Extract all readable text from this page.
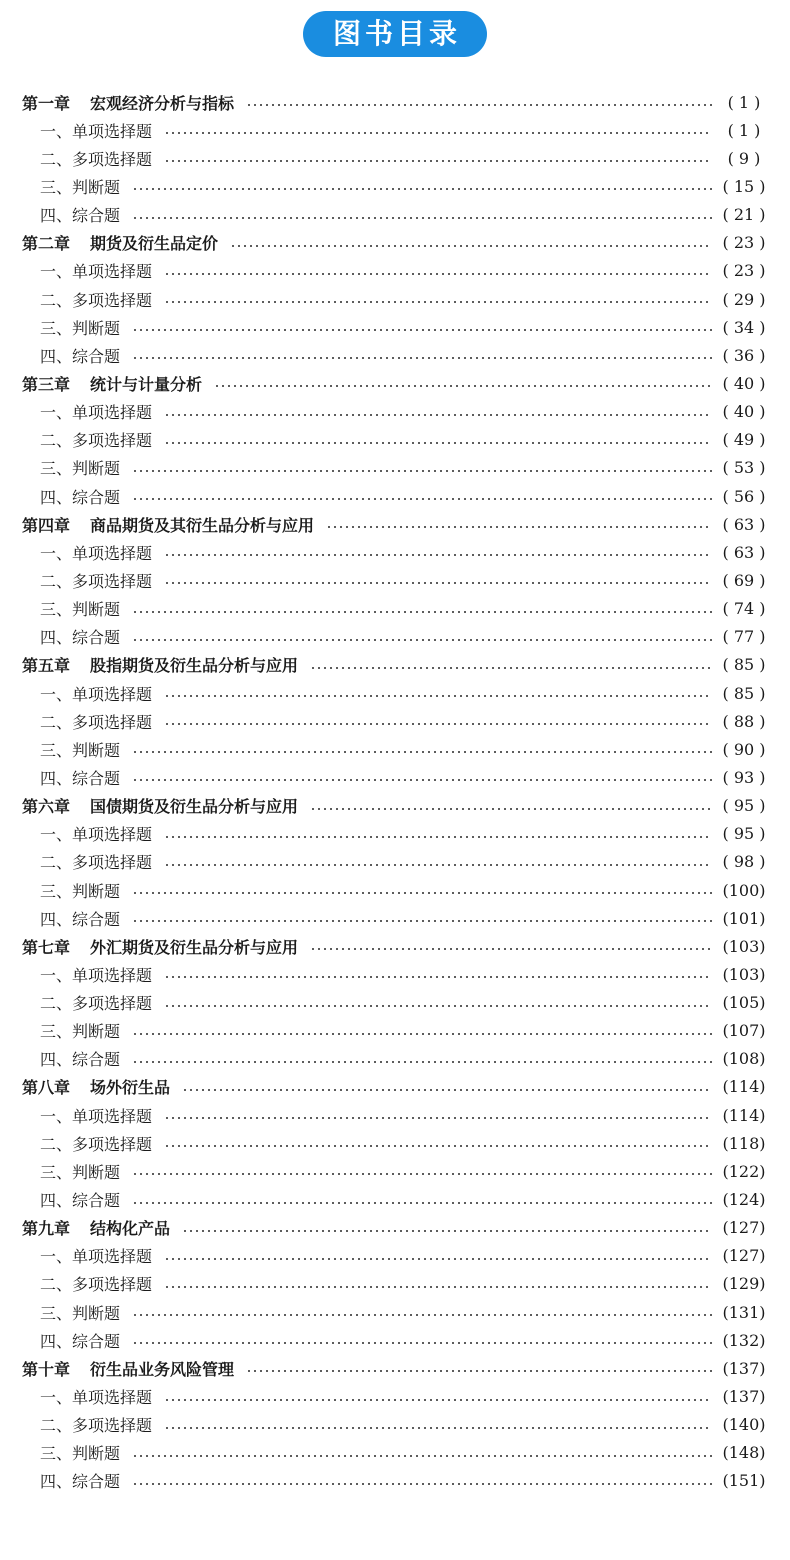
图书目录
第一章 宏观经济分析与指标	( 1 )
一、单项选择题	( 1 )
二、多项选择题	( 9 )
三、判断题	( 15 )
四、综合题	( 21 )
第二章 期货及衍生品定价	( 23 )
一、单项选择题	( 23 )
二、多项选择题	( 29 )
三、判断题	( 34 )
四、综合题	( 36 )
第三章 统计与计量分析	( 40 )
一、单项选择题	( 40 )
二、多项选择题	( 49 )
三、判断题	( 53 )
四、综合题	( 56 )
第四章 商品期货及其衍生品分析与应用	( 63 )
一、单项选择题	( 63 )
二、多项选择题	( 69 )
三、判断题	( 74 )
四、综合题	( 77 )
第五章 股指期货及衍生品分析与应用	( 85 )
一、单项选择题	( 85 )
二、多项选择题	( 88 )
三、判断题	( 90 )
四、综合题	( 93 )
第六章 国债期货及衍生品分析与应用	( 95 )
一、单项选择题	( 95 )
二、多项选择题	( 98 )
三、判断题	(100)
四、综合题	(101)
第七章 外汇期货及衍生品分析与应用	(103)
一、单项选择题	(103)
二、多项选择题	(105)
三、判断题	(107)
四、综合题	(108)
第八章 场外衍生品	(114)
一、单项选择题	(114)
二、多项选择题	(118)
三、判断题	(122)
四、综合题	(124)
第九章 结构化产品	(127)
一、单项选择题	(127)
二、多项选择题	(129)
三、判断题	(131)
四、综合题	(132)
第十章 衍生品业务风险管理	(137)
一、单项选择题	(137)
二、多项选择题	(140)
三、判断题	(148)
四、综合题	(151)
